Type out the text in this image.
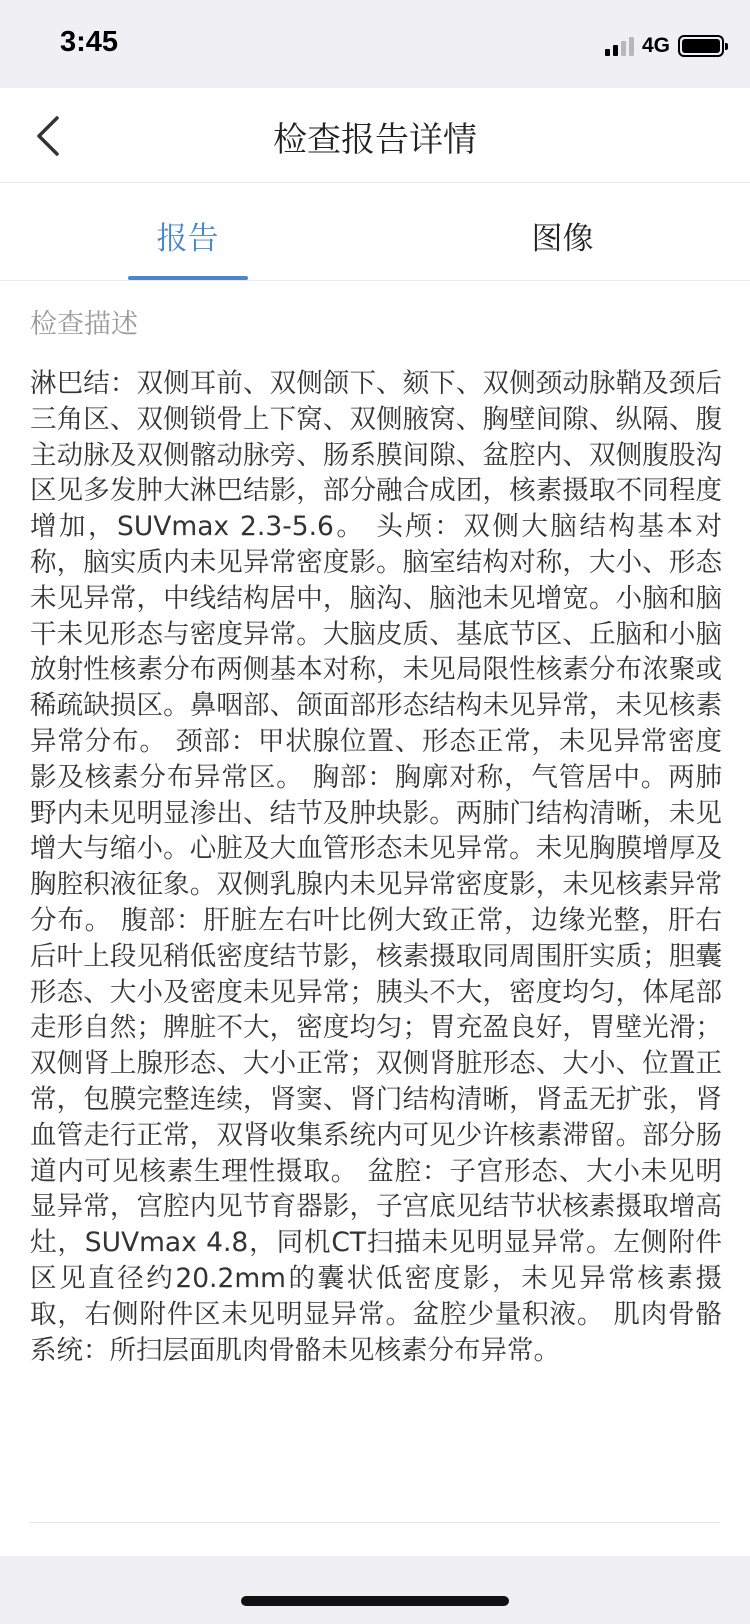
3:45	4G
检查报告详情
报告	图像
检查描述
淋巴结：双侧耳前、双侧颌下、颏下、双侧颈动脉鞘及颈后三角区、双侧锁骨上下窝、双侧腋窝、胸壁间隙、纵隔、腹主动脉及双侧髂动脉旁、肠系膜间隙、盆腔内、双侧腹股沟区见多发肿大淋巴结影，部分融合成团，核素摄取不同程度增加，SUVmax 2.3-5.6。 头颅：双侧大脑结构基本对称，脑实质内未见异常密度影。脑室结构对称，大小、形态未见异常，中线结构居中，脑沟、脑池未见增宽。小脑和脑干未见形态与密度异常。大脑皮质、基底节区、丘脑和小脑放射性核素分布两侧基本对称，未见局限性核素分布浓聚或稀疏缺损区。鼻咽部、颌面部形态结构未见异常，未见核素异常分布。 颈部：甲状腺位置、形态正常，未见异常密度影及核素分布异常区。 胸部：胸廓对称，气管居中。两肺野内未见明显渗出、结节及肿块影。两肺门结构清晰，未见增大与缩小。心脏及大血管形态未见异常。未见胸膜增厚及胸腔积液征象。双侧乳腺内未见异常密度影，未见核素异常分布。 腹部：肝脏左右叶比例大致正常，边缘光整，肝右后叶上段见稍低密度结节影，核素摄取同周围肝实质；胆囊形态、大小及密度未见异常；胰头不大，密度均匀，体尾部走形自然；脾脏不大，密度均匀；胃充盈良好，胃壁光滑；双侧肾上腺形态、大小正常；双侧肾脏形态、大小、位置正常，包膜完整连续，肾窦、肾门结构清晰，肾盂无扩张，肾血管走行正常，双肾收集系统内可见少许核素滞留。部分肠道内可见核素生理性摄取。 盆腔：子宫形态、大小未见明显异常，宫腔内见节育器影，子宫底见结节状核素摄取增高灶，SUVmax 4.8，同机CT扫描未见明显异常。左侧附件区见直径约20.2mm的囊状低密度影，未见异常核素摄取，右侧附件区未见明显异常。盆腔少量积液。 肌肉骨骼系统：所扫层面肌肉骨骼未见核素分布异常。
